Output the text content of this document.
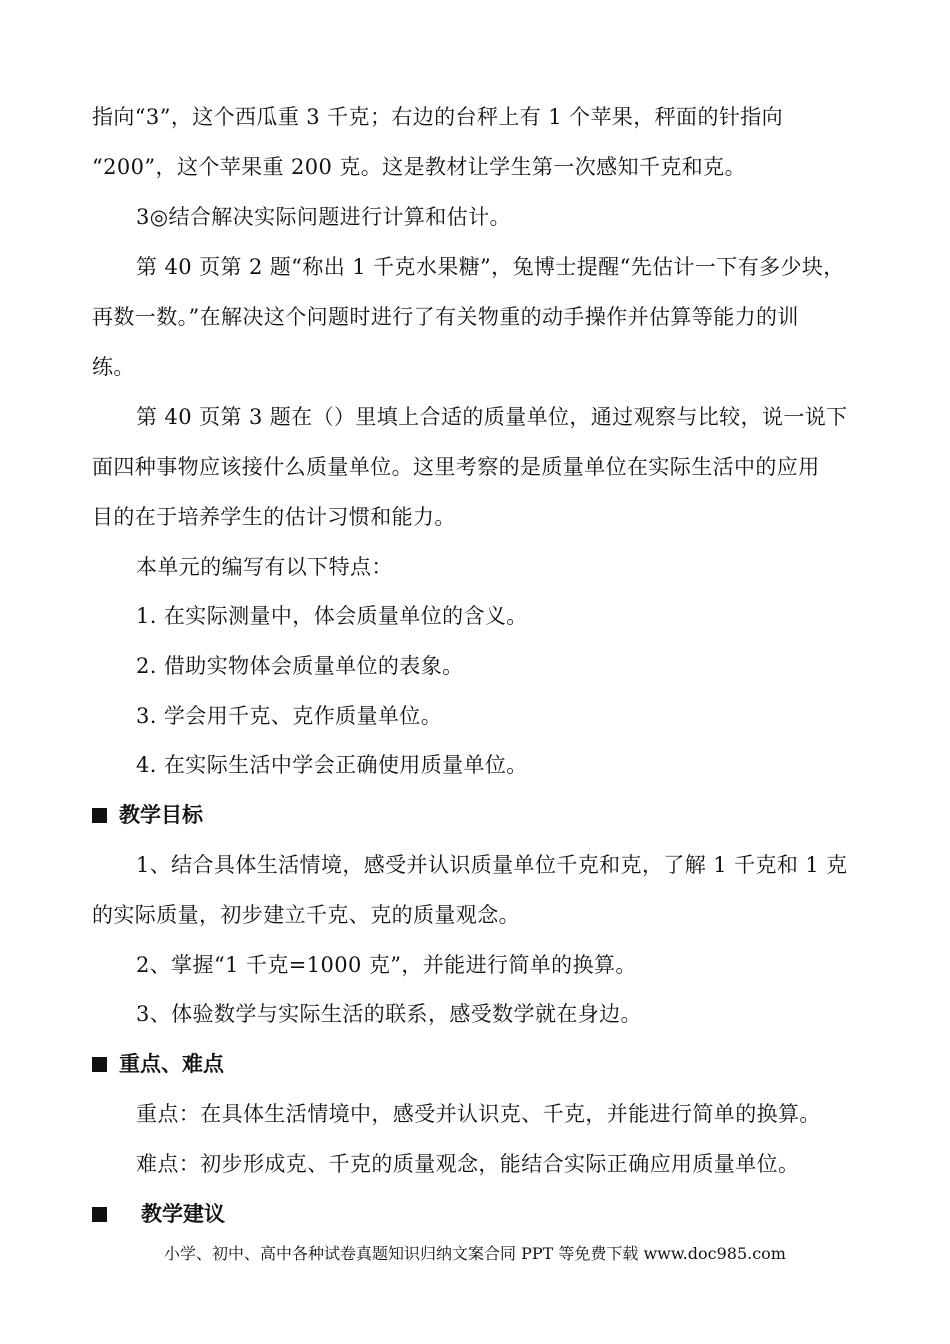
指向“3”，这个西瓜重 3 千克；右边的台秤上有 1 个苹果，秤面的针指向
“200”，这个苹果重 200 克。这是教材让学生第一次感知千克和克。
3◎结合解决实际问题进行计算和估计。
第 40 页第 2 题“称出 1 千克水果糖”，兔博士提醒“先估计一下有多少块，
再数一数。”在解决这个问题时进行了有关物重的动手操作并估算等能力的训
练。
第 40 页第 3 题在（）里填上合适的质量单位，通过观察与比较，说一说下
面四种事物应该接什么质量单位。这里考察的是质量单位在实际生活中的应用
目的在于培养学生的估计习惯和能力。
本单元的编写有以下特点：
1. 在实际测量中，体会质量单位的含义。
2. 借助实物体会质量单位的表象。
3. 学会用千克、克作质量单位。
4. 在实际生活中学会正确使用质量单位。
教学目标
1、结合具体生活情境，感受并认识质量单位千克和克，了解 1 千克和 1 克
的实际质量，初步建立千克、克的质量观念。
2、掌握“1 千克=1000 克”，并能进行简单的换算。
3、体验数学与实际生活的联系，感受数学就在身边。
重点、难点
重点：在具体生活情境中，感受并认识克、千克，并能进行简单的换算。
难点：初步形成克、千克的质量观念，能结合实际正确应用质量单位。
教学建议
小学、初中、高中各种试卷真题知识归纳文案合同 PPT 等免费下载 www.doc985.com
